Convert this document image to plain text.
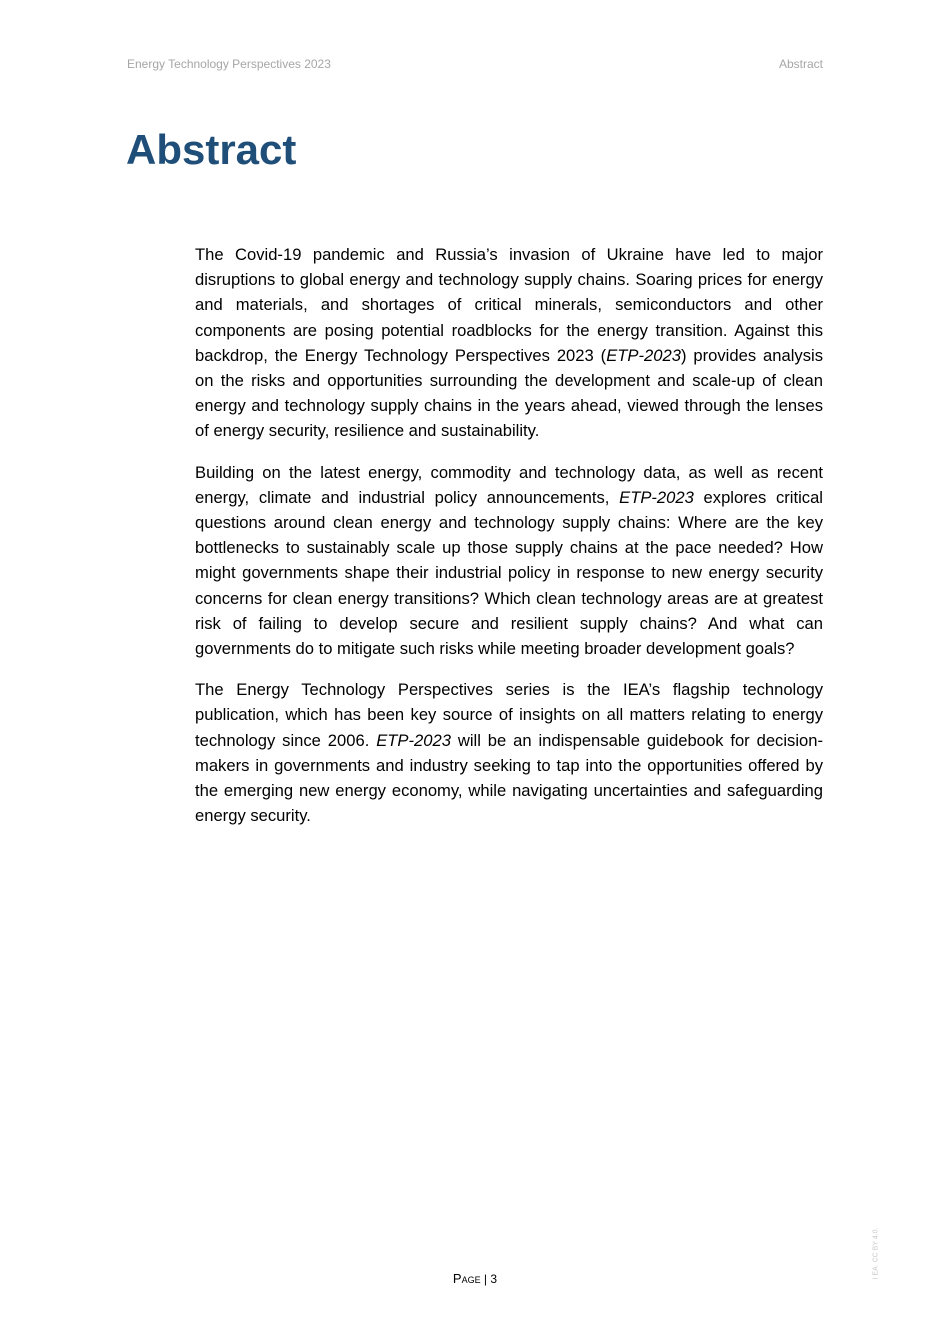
Energy Technology Perspectives 2023	Abstract
Abstract

The Covid-19 pandemic and Russia’s invasion of Ukraine have led to major disruptions to global energy and technology supply chains. Soaring prices for energy and materials, and shortages of critical minerals, semiconductors and other components are posing potential roadblocks for the energy transition. Against this backdrop, the Energy Technology Perspectives 2023 (ETP-2023) provides analysis on the risks and opportunities surrounding the development and scale-up of clean energy and technology supply chains in the years ahead, viewed through the lenses of energy security, resilience and sustainability.

Building on the latest energy, commodity and technology data, as well as recent energy, climate and industrial policy announcements, ETP-2023 explores critical questions around clean energy and technology supply chains: Where are the key bottlenecks to sustainably scale up those supply chains at the pace needed? How might governments shape their industrial policy in response to new energy security concerns for clean energy transitions? Which clean technology areas are at greatest risk of failing to develop secure and resilient supply chains? And what can governments do to mitigate such risks while meeting broader development goals?

The Energy Technology Perspectives series is the IEA’s flagship technology publication, which has been key source of insights on all matters relating to energy technology since 2006. ETP-2023 will be an indispensable guidebook for decision-makers in governments and industry seeking to tap into the opportunities offered by the emerging new energy economy, while navigating uncertainties and safeguarding energy security.

Page | 3	I EA. CC BY 4.0.
